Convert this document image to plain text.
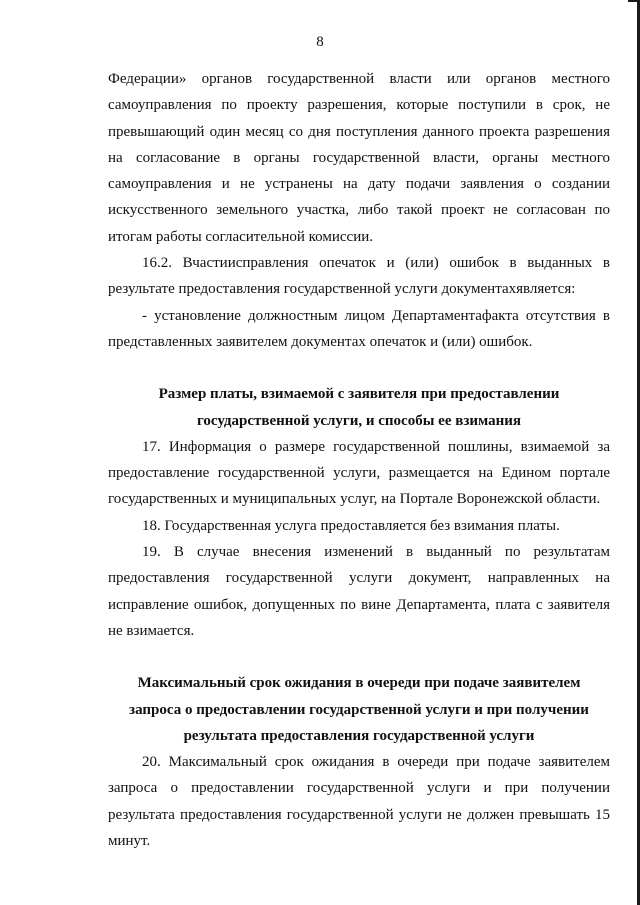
8

Федерации» органов государственной власти или органов местного самоуправления по проекту разрешения, которые поступили в срок, не превышающий один месяц со дня поступления данного проекта разрешения на согласование в органы государственной власти, органы местного самоуправления и не устранены на дату подачи заявления о создании искусственного земельного участка, либо такой проект не согласован по итогам работы согласительной комиссии.

16.2. Вчастиисправления опечаток и (или) ошибок в выданных в результате предоставления государственной услуги документахявляется:

- установление должностным лицом Департаментафакта отсутствия в представленных заявителем документах опечаток и (или) ошибок.

Размер платы, взимаемой с заявителя при предоставлении

государственной услуги, и способы ее взимания

17. Информация о размере государственной пошлины, взимаемой за предоставление государственной услуги, размещается на Едином портале государственных и муниципальных услуг, на Портале Воронежской области.

18. Государственная услуга предоставляется без взимания платы.

19. В случае внесения изменений в выданный по результатам предоставления государственной услуги документ, направленных на исправление ошибок, допущенных по вине Департамента, плата с заявителя не взимается.

Максимальный срок ожидания в очереди при подаче заявителем

запроса о предоставлении государственной услуги и при получении

результата предоставления государственной услуги

20. Максимальный срок ожидания в очереди при подаче заявителем запроса о предоставлении государственной услуги и при получении результата предоставления государственной услуги не должен превышать 15 минут.
